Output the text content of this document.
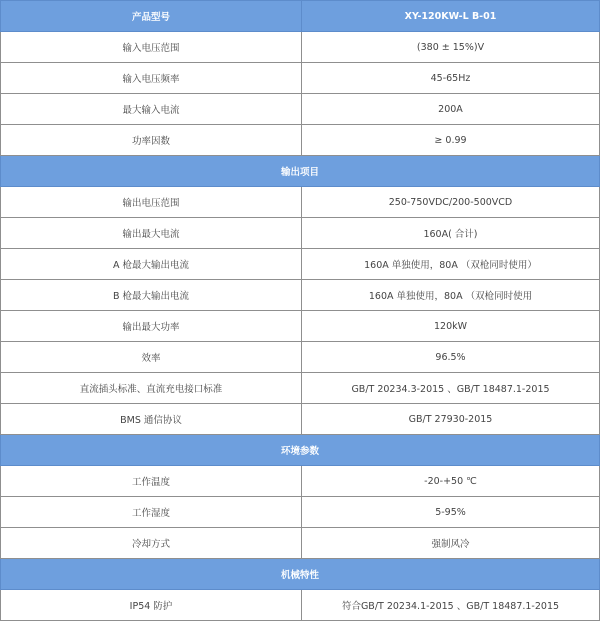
产品型号	XY-120KW-L B-01
输入电压范围	(380 ± 15%)V
输入电压频率	45-65Hz
最大输入电流	200A
功率因数	≥ 0.99
输出项目	
输出电压范围	250-750VDC/200-500VCD
输出最大电流	160A( 合计)
A 枪最大输出电流	160A 单独使用，80A （双枪同时使用）
B 枪最大输出电流	160A 单独使用，80A （双枪同时使用
输出最大功率	120kW
效率	96.5%
直流插头标准、直流充电接口标准	GB/T 20234.3-2015 、GB/T 18487.1-2015
BMS 通信协议	GB/T 27930-2015
环境参数	
工作温度	-20-+50 ℃
工作湿度	5-95%
冷却方式	强制风冷
机械特性	
IP54 防护	符合GB/T 20234.1-2015 、GB/T 18487.1-2015
